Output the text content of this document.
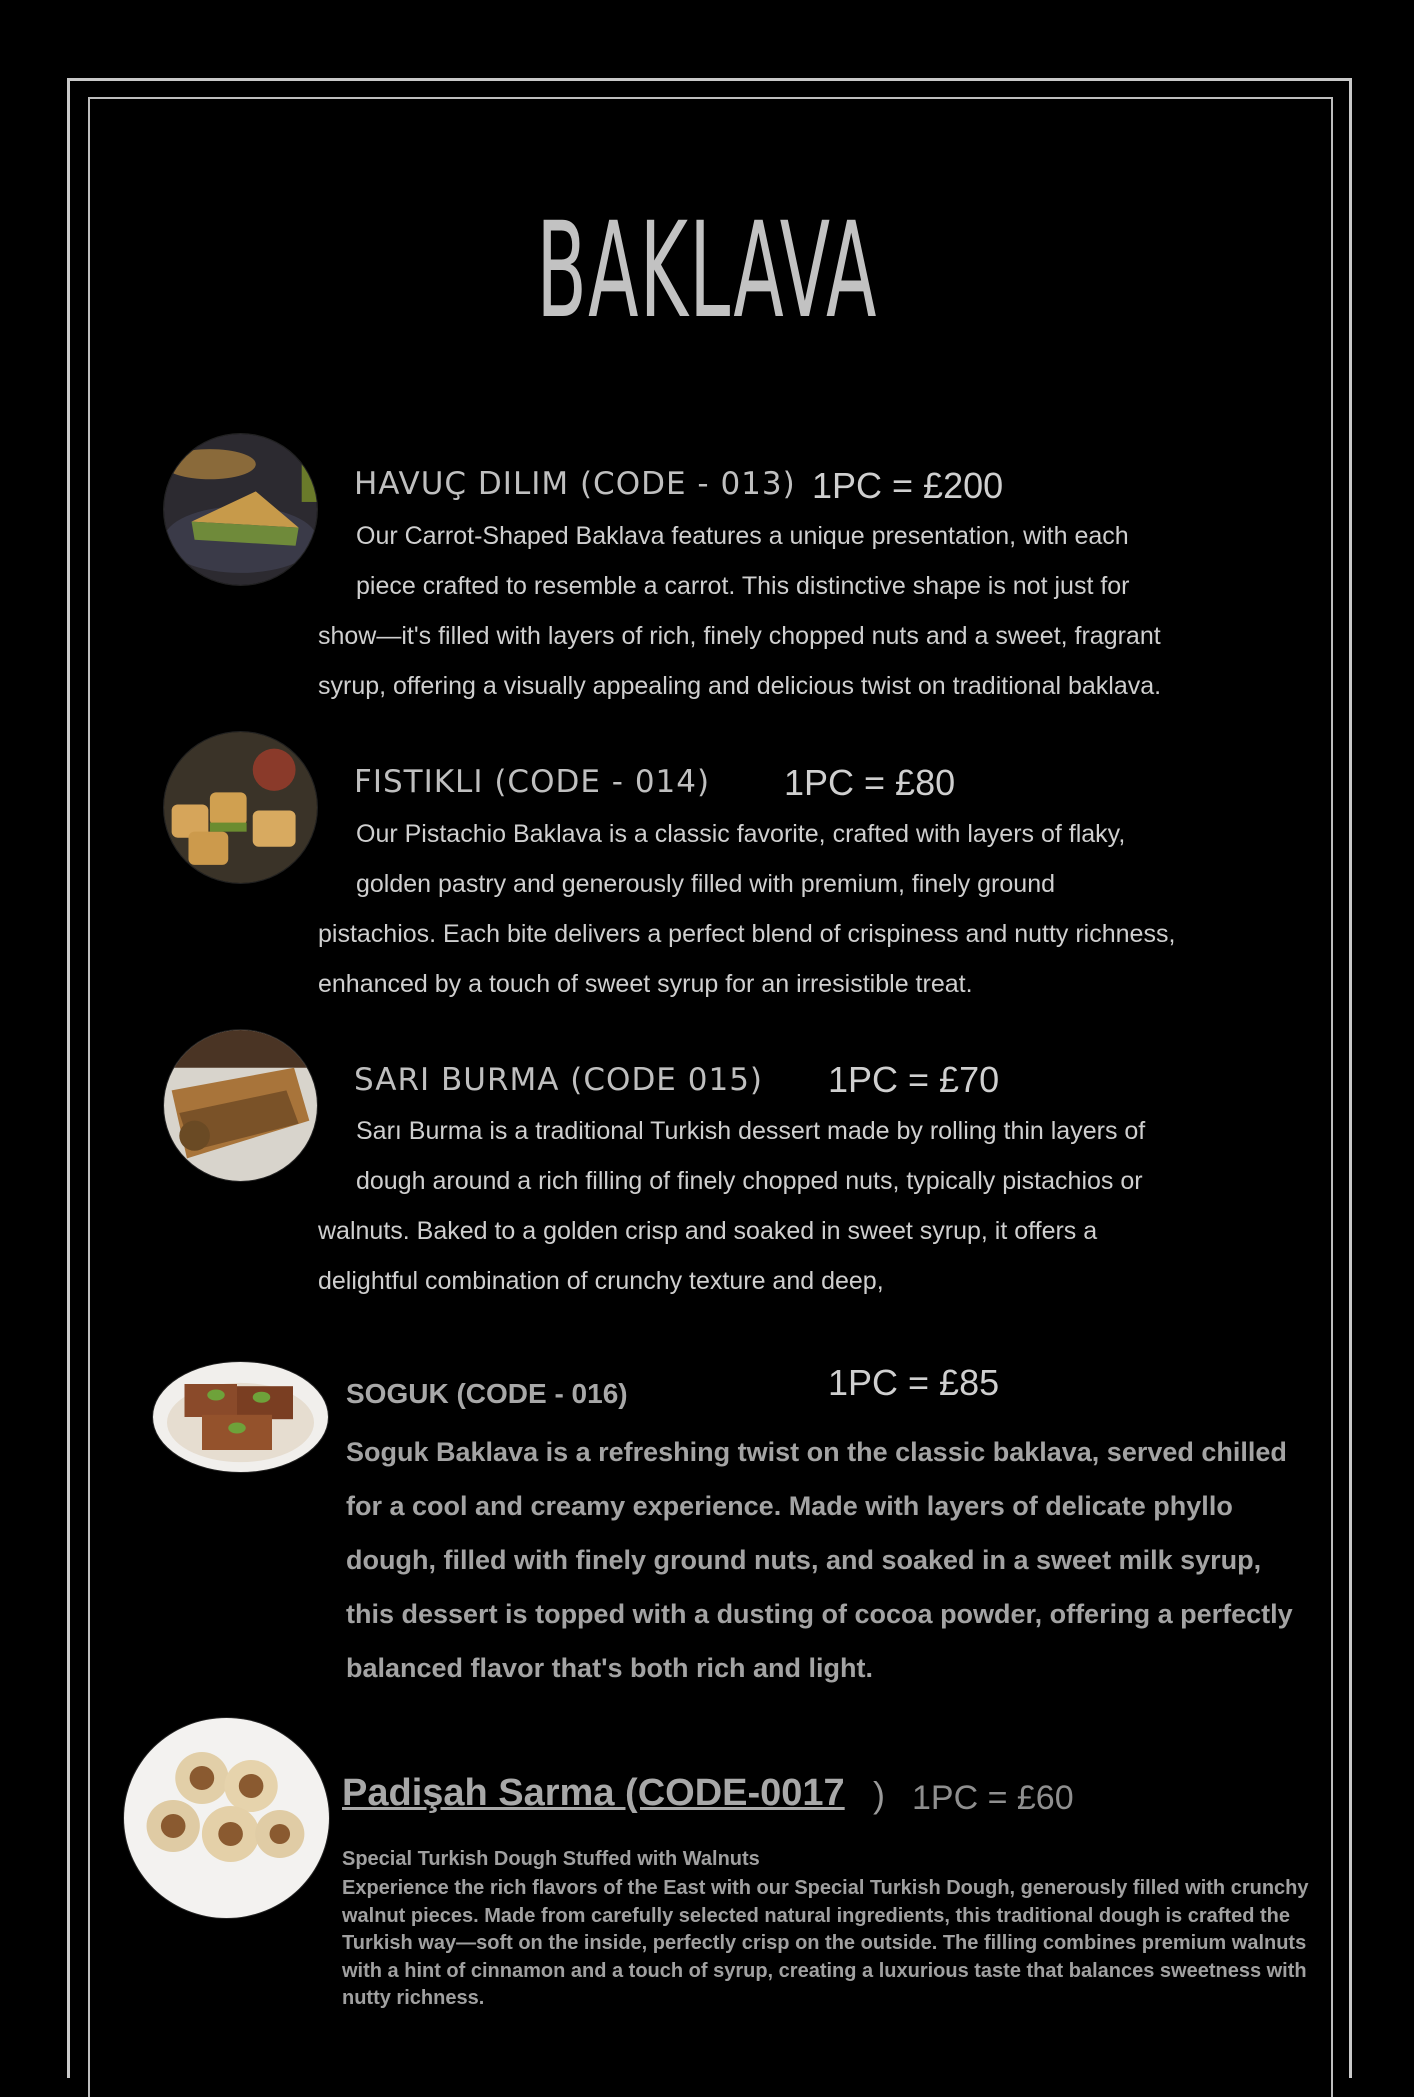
BAKLAVA
HAVUÇ DILIM (CODE - 013) 1PC = £200
Our Carrot-Shaped Baklava features a unique presentation, with each
piece crafted to resemble a carrot. This distinctive shape is not just for
show—it's filled with layers of rich, finely chopped nuts and a sweet, fragrant
syrup, offering a visually appealing and delicious twist on traditional baklava.
FISTIKLI (CODE - 014) 1PC = £80
Our Pistachio Baklava is a classic favorite, crafted with layers of flaky,
golden pastry and generously filled with premium, finely ground
pistachios. Each bite delivers a perfect blend of crispiness and nutty richness,
enhanced by a touch of sweet syrup for an irresistible treat.
SARI BURMA (CODE 015) 1PC = £70
Sarı Burma is a traditional Turkish dessert made by rolling thin layers of
dough around a rich filling of finely chopped nuts, typically pistachios or
walnuts. Baked to a golden crisp and soaked in sweet syrup, it offers a
delightful combination of crunchy texture and deep,
SOGUK (CODE - 016)	1PC = £85
Soguk Baklava is a refreshing twist on the classic baklava, served chilled for a cool and creamy experience. Made with layers of delicate phyllo dough, filled with finely ground nuts, and soaked in a sweet milk syrup, this dessert is topped with a dusting of cocoa powder, offering a perfectly balanced flavor that's both rich and light.
Padişah Sarma (CODE-0017 ) 1PC = £60
Special Turkish Dough Stuffed with Walnuts
Experience the rich flavors of the East with our Special Turkish Dough, generously filled with crunchy walnut pieces. Made from carefully selected natural ingredients, this traditional dough is crafted the Turkish way—soft on the inside, perfectly crisp on the outside. The filling combines premium walnuts with a hint of cinnamon and a touch of syrup, creating a luxurious taste that balances sweetness with nutty richness.
